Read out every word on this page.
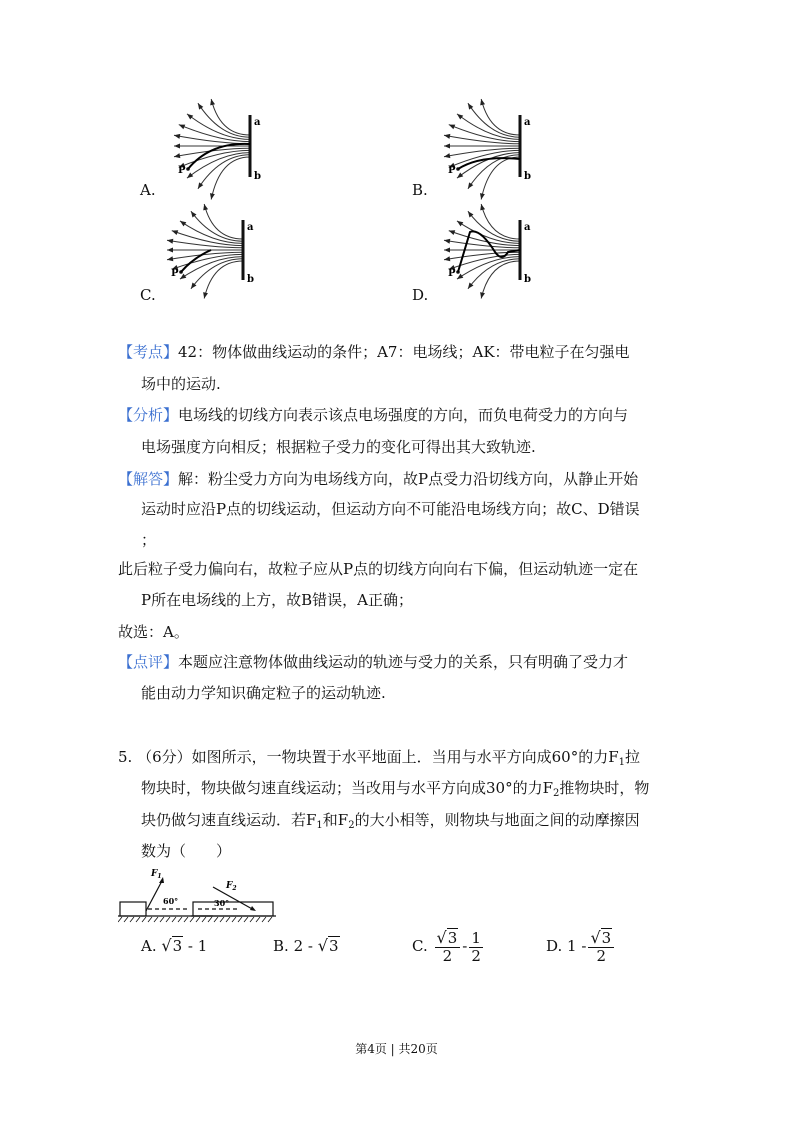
A.	B.
C.	D.
a
b
P
a
b
P
a
b
P
a
b
P
【考点】42：物体做曲线运动的条件；A7：电场线；AK：带电粒子在匀强电
场中的运动.
【分析】电场线的切线方向表示该点电场强度的方向，而负电荷受力的方向与
电场强度方向相反；根据粒子受力的变化可得出其大致轨迹.
【解答】解：粉尘受力方向为电场线方向，故P点受力沿切线方向，从静止开始
运动时应沿P点的切线运动，但运动方向不可能沿电场线方向；故C、D错误
；
此后粒子受力偏向右，故粒子应从P点的切线方向向右下偏，但运动轨迹一定在
P所在电场线的上方，故B错误，A正确；
故选：A。
【点评】本题应注意物体做曲线运动的轨迹与受力的关系，只有明确了受力才
能由动力学知识确定粒子的运动轨迹.
5. （6分）如图所示，一物块置于水平地面上．当用与水平方向成60°的力$F_1$拉
物块时，物块做匀速直线运动；当改用与水平方向成30°的力$F_2$推物块时，物
块仍做匀速直线运动．若$F_1$和$F_2$的大小相等，则物块与地面之间的动摩擦因
数为（　　）
$F_1$
60°
$F_2$
30°
A. √3 - 1	B. 2 - √3	C. $\frac{√3}{2} - \frac{1}{2}$	D. $1 - \frac{√3}{2}$
第4页 | 共20页
